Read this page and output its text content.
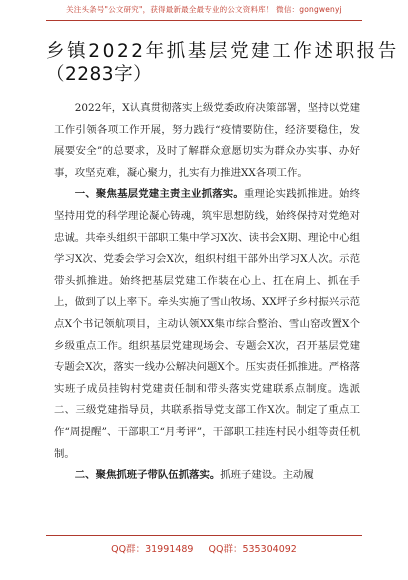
关注头条号"公文研究"，获得最新最全最专业的公文资料库！ 微信：gongwenyj
乡镇2022年抓基层党建工作述职报告
（2283字）

2022年，X认真贯彻落实上级党委政府决策部署，坚持以党建工作引领各项工作开展，努力践行“疫情要防住，经济要稳住，发展要安全”的总要求，及时了解群众意愿切实为群众办实事、办好事，攻坚克难，凝心聚力，扎实有力推进XX各项工作。

一、聚焦基层党建主责主业抓落实。重理论实践抓推进。始终坚持用党的科学理论凝心铸魂，筑牢思想防线，始终保持对党绝对忠诚。共牵头组织干部职工集中学习X次、读书会X期、理论中心组学习X次、党委会学习会X次，组织村组干部外出学习X人次。示范带头抓推进。始终把基层党建工作装在心上、扛在肩上、抓在手上，做到了以上率下。牵头实施了雪山牧场、XX坪子乡村振兴示范点X个书记领航项目，主动认领XX集市综合整治、雪山窑改置X个乡级重点工作。组织基层党建现场会、专题会X次，召开基层党建专题会X次，落实一线办公解决问题X个。压实责任抓推进。严格落实班子成员挂钩村党建责任制和带头落实党建联系点制度。选派二、三级党建指导员，共联系指导党支部工作X次。制定了重点工作“周提醒”、干部职工“月考评”，干部职工挂连村民小组等责任机制。

二、聚焦抓班子带队伍抓落实。抓班子建设。主动履

QQ群：31991489 QQ群：535304092
